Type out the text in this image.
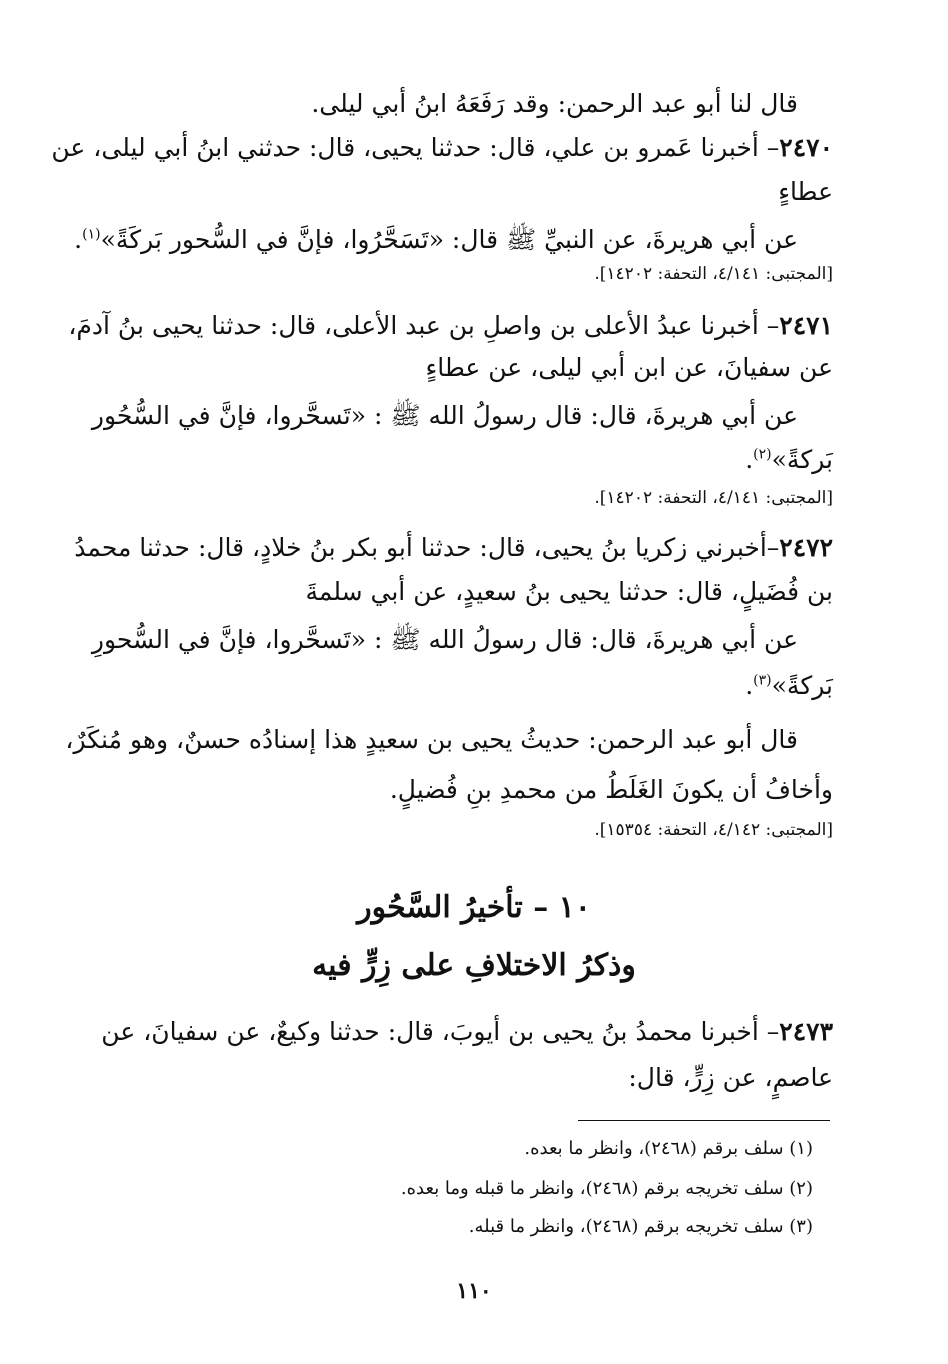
قال لنا أبو عبد الرحمن: وقد رَفَعَهُ ابنُ أبي ليلى.
٢٤٧٠– أخبرنا عَمرو بن علي، قال: حدثنا يحيى، قال: حدثني ابنُ أبي ليلى، عن
عطاءٍ
عن أبي هريرةَ، عن النبيِّ ﷺ قال: «تَسَحَّرُوا، فإنَّ في السُّحور بَركَةً»$^{(١)}$.
[المجتبى: ٤/١٤١، التحفة: ١٤٢٠٢].
٢٤٧١– أخبرنا عبدُ الأعلى بن واصلِ بن عبد الأعلى، قال: حدثنا يحيى بنُ آدمَ،
عن سفيانَ، عن ابن أبي ليلى، عن عطاءٍ
عن أبي هريرةَ، قال: قال رسولُ الله ﷺ : «تَسحَّروا، فإنَّ في السُّحُور
بَركةً»$^{(٢)}$.
[المجتبى: ٤/١٤١، التحفة: ١٤٢٠٢].
٢٤٧٢–أخبرني زكريا بنُ يحيى، قال: حدثنا أبو بكر بنُ خلادٍ، قال: حدثنا محمدُ
بن فُضَيلٍ، قال: حدثنا يحيى بنُ سعيدٍ، عن أبي سلمةَ
عن أبي هريرةَ، قال: قال رسولُ الله ﷺ : «تَسحَّروا، فإنَّ في السُّحورِ
بَركةً»$^{(٣)}$.
قال أبو عبد الرحمن: حديثُ يحيى بن سعيدٍ هذا إسنادُه حسنٌ، وهو مُنكَرٌ،
وأخافُ أن يكونَ الغَلَطُ من محمدِ بنِ فُضيلٍ.
[المجتبى: ٤/١٤٢، التحفة: ١٥٣٥٤].
١٠ – تأخيرُ السَّحُور
وذكرُ الاختلافِ على زِرٍّ فيه
٢٤٧٣– أخبرنا محمدُ بنُ يحيى بن أيوبَ، قال: حدثنا وكيعٌ، عن سفيانَ، عن
عاصمٍ، عن زِرٍّ، قال:
(١) سلف برقم (٢٤٦٨)، وانظر ما بعده.
(٢) سلف تخريجه برقم (٢٤٦٨)، وانظر ما قبله وما بعده.
(٣) سلف تخريجه برقم (٢٤٦٨)، وانظر ما قبله.
١١٠
